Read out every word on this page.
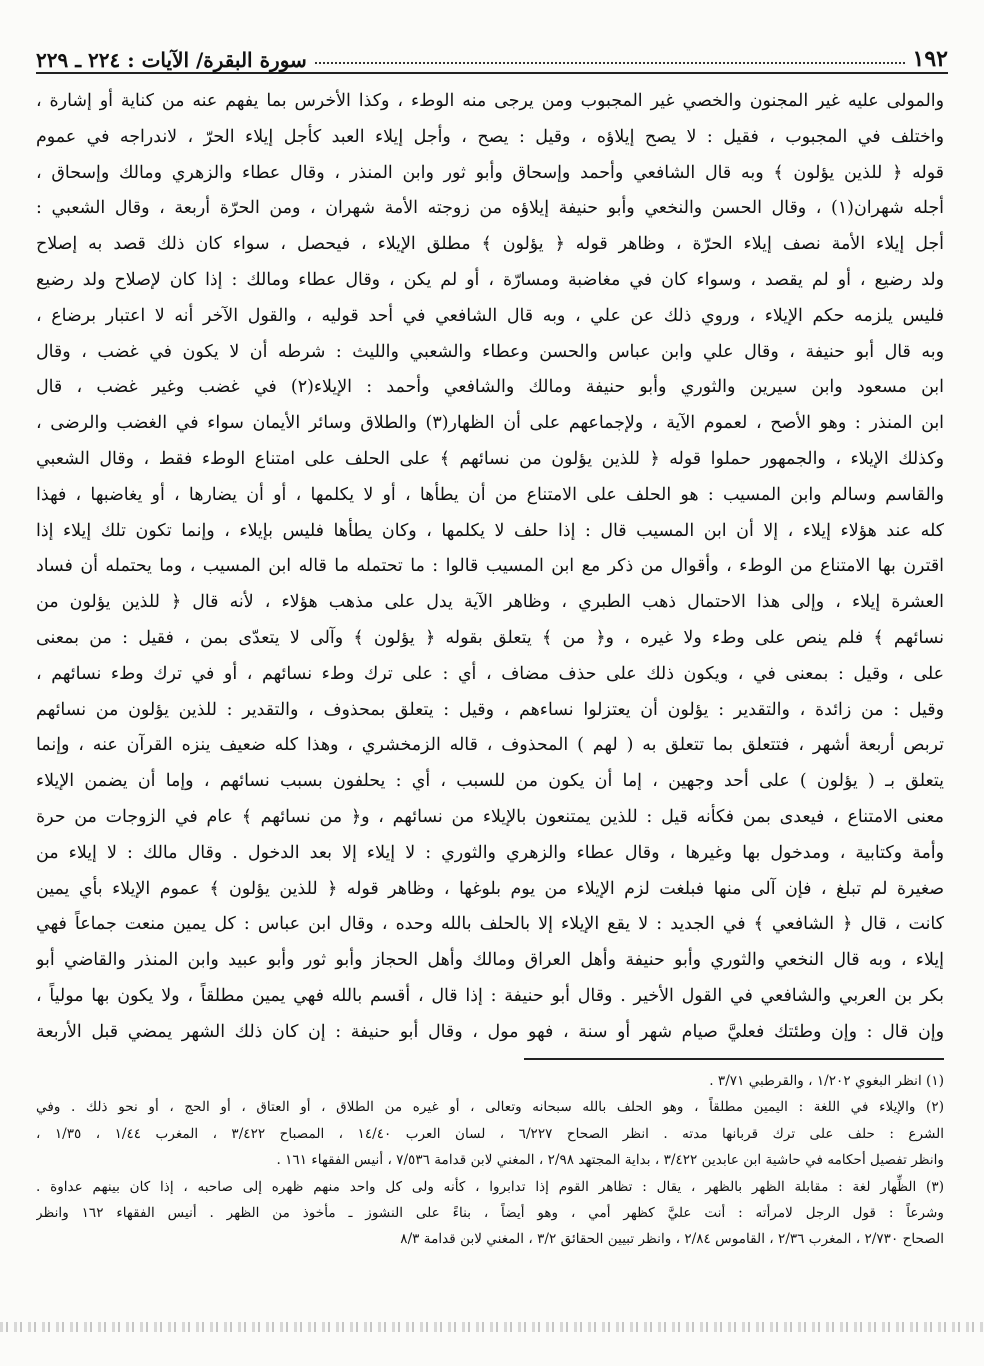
١٩٢
سورة البقرة/ الآيات : ٢٢٤ ـ ٢٢٩
والمولى عليه غير المجنون والخصي غير المجبوب ومن يرجى منه الوطء ، وكذا الأخرس بما يفهم عنه من كناية أو إشارة ،
واختلف في المجبوب ، فقيل : لا يصح إيلاؤه ، وقيل : يصح ، وأجل إيلاء العبد كأجل إيلاء الحرّ ، لاندراجه في عموم
قوله ﴿ للذين يؤلون ﴾ وبه قال الشافعي وأحمد وإسحاق وأبو ثور وابن المنذر ، وقال عطاء والزهري ومالك وإسحاق ،
أجله شهران(١) ، وقال الحسن والنخعي وأبو حنيفة إيلاؤه من زوجته الأمة شهران ، ومن الحرّة أربعة ، وقال الشعبي :
أجل إيلاء الأمة نصف إيلاء الحرّة ، وظاهر قوله ﴿ يؤلون ﴾ مطلق الإيلاء ، فيحصل ، سواء كان ذلك قصد به إصلاح
ولد رضيع ، أو لم يقصد ، وسواء كان في مغاضبة ومسارّة ، أو لم يكن ، وقال عطاء ومالك : إذا كان لإصلاح ولد رضيع
فليس يلزمه حكم الإيلاء ، وروي ذلك عن علي ، وبه قال الشافعي في أحد قوليه ، والقول الآخر أنه لا اعتبار برضاع ،
وبه قال أبو حنيفة ، وقال علي وابن عباس والحسن وعطاء والشعبي والليث : شرطه أن لا يكون في غضب ، وقال
ابن مسعود وابن سيرين والثوري وأبو حنيفة ومالك والشافعي وأحمد : الإيلاء(٢) في غضب وغير غضب ، قال
ابن المنذر : وهو الأصح ، لعموم الآية ، ولإجماعهم على أن الظهار(٣) والطلاق وسائر الأيمان سواء في الغضب والرضى ،
وكذلك الإيلاء ، والجمهور حملوا قوله ﴿ للذين يؤلون من نسائهم ﴾ على الحلف على امتناع الوطء فقط ، وقال الشعبي
والقاسم وسالم وابن المسيب : هو الحلف على الامتناع من أن يطأها ، أو لا يكلمها ، أو أن يضارها ، أو يغاضبها ، فهذا
كله عند هؤلاء إيلاء ، إلا أن ابن المسيب قال : إذا حلف لا يكلمها ، وكان يطأها فليس بإيلاء ، وإنما تكون تلك إيلاء إذا
اقترن بها الامتناع من الوطء ، وأقوال من ذكر مع ابن المسيب قالوا : ما تحتمله ما قاله ابن المسيب ، وما يحتمله أن فساد
العشرة إيلاء ، وإلى هذا الاحتمال ذهب الطبري ، وظاهر الآية يدل على مذهب هؤلاء ، لأنه قال ﴿ للذين يؤلون من
نسائهم ﴾ فلم ينص على وطء ولا غيره ، و﴿ من ﴾ يتعلق بقوله ﴿ يؤلون ﴾ وآلى لا يتعدّى بمن ، فقيل : من بمعنى
على ، وقيل : بمعنى في ، ويكون ذلك على حذف مضاف ، أي : على ترك وطء نسائهم ، أو في ترك وطء نسائهم ،
وقيل : من زائدة ، والتقدير : يؤلون أن يعتزلوا نساءهم ، وقيل : يتعلق بمحذوف ، والتقدير : للذين يؤلون من نسائهم
تربص أربعة أشهر ، فتتعلق بما تتعلق به ( لهم ) المحذوف ، قاله الزمخشري ، وهذا كله ضعيف ينزه القرآن عنه ، وإنما
يتعلق بـ ( يؤلون ) على أحد وجهين ، إما أن يكون من للسبب ، أي : يحلفون بسبب نسائهم ، وإما أن يضمن الإيلاء
معنى الامتناع ، فيعدى بمن فكأنه قيل : للذين يمتنعون بالإيلاء من نسائهم ، و﴿ من نسائهم ﴾ عام في الزوجات من حرة
وأمة وكتابية ، ومدخول بها وغيرها ، وقال عطاء والزهري والثوري : لا إيلاء إلا بعد الدخول . وقال مالك : لا إيلاء من
صغيرة لم تبلغ ، فإن آلى منها فبلغت لزم الإيلاء من يوم بلوغها ، وظاهر قوله ﴿ للذين يؤلون ﴾ عموم الإيلاء بأي يمين
كانت ، قال ﴿ الشافعي ﴾ في الجديد : لا يقع الإيلاء إلا بالحلف بالله وحده ، وقال ابن عباس : كل يمين منعت جماعاً فهي
إيلاء ، وبه قال النخعي والثوري وأبو حنيفة وأهل العراق ومالك وأهل الحجاز وأبو ثور وأبو عبيد وابن المنذر والقاضي أبو
بكر بن العربي والشافعي في القول الأخير . وقال أبو حنيفة : إذا قال ، أقسم بالله فهي يمين مطلقاً ، ولا يكون بها مولياً ،
وإن قال : وإن وطئتك فعليَّ صيام شهر أو سنة ، فهو مول ، وقال أبو حنيفة : إن كان ذلك الشهر يمضي قبل الأربعة
(١) انظر البغوي ١/٢٠٢ ، والقرطبي ٣/٧١ .
(٢) والإيلاء في اللغة : اليمين مطلقاً ، وهو الحلف بالله سبحانه وتعالى ، أو غيره من الطلاق ، أو العتاق ، أو الحج ، أو نحو ذلك . وفي
الشرع : حلف على ترك قربانها مدته . انظر الصحاح ٦/٢٢٧ ، لسان العرب ١٤/٤٠ ، المصباح ٣/٤٢٢ ، المغرب ١/٤٤ ، ١/٣٥ ،
وانظر تفصيل أحكامه في حاشية ابن عابدين ٣/٤٢٢ ، بداية المجتهد ٢/٩٨ ، المغني لابن قدامة ٧/٥٣٦ ، أنيس الفقهاء ١٦١ .
(٣) الظِّهار لغة : مقابلة الظهر بالظهر ، يقال : تظاهر القوم إذا تدابروا ، كأنه ولى كل واحد منهم ظهره إلى صاحبه ، إذا كان بينهم عداوة .
وشرعاً : قول الرجل لامرأته : أنت عليَّ كظهر أمي ، وهو أيضاً ، بناءً على النشوز ـ مأخوذ من الظهر . أنيس الفقهاء ١٦٢ وانظر
الصحاح ٢/٧٣٠ ، المغرب ٢/٣٦ ، القاموس ٢/٨٤ ، وانظر تبيين الحقائق ٣/٢ ، المغني لابن قدامة ٨/٣
